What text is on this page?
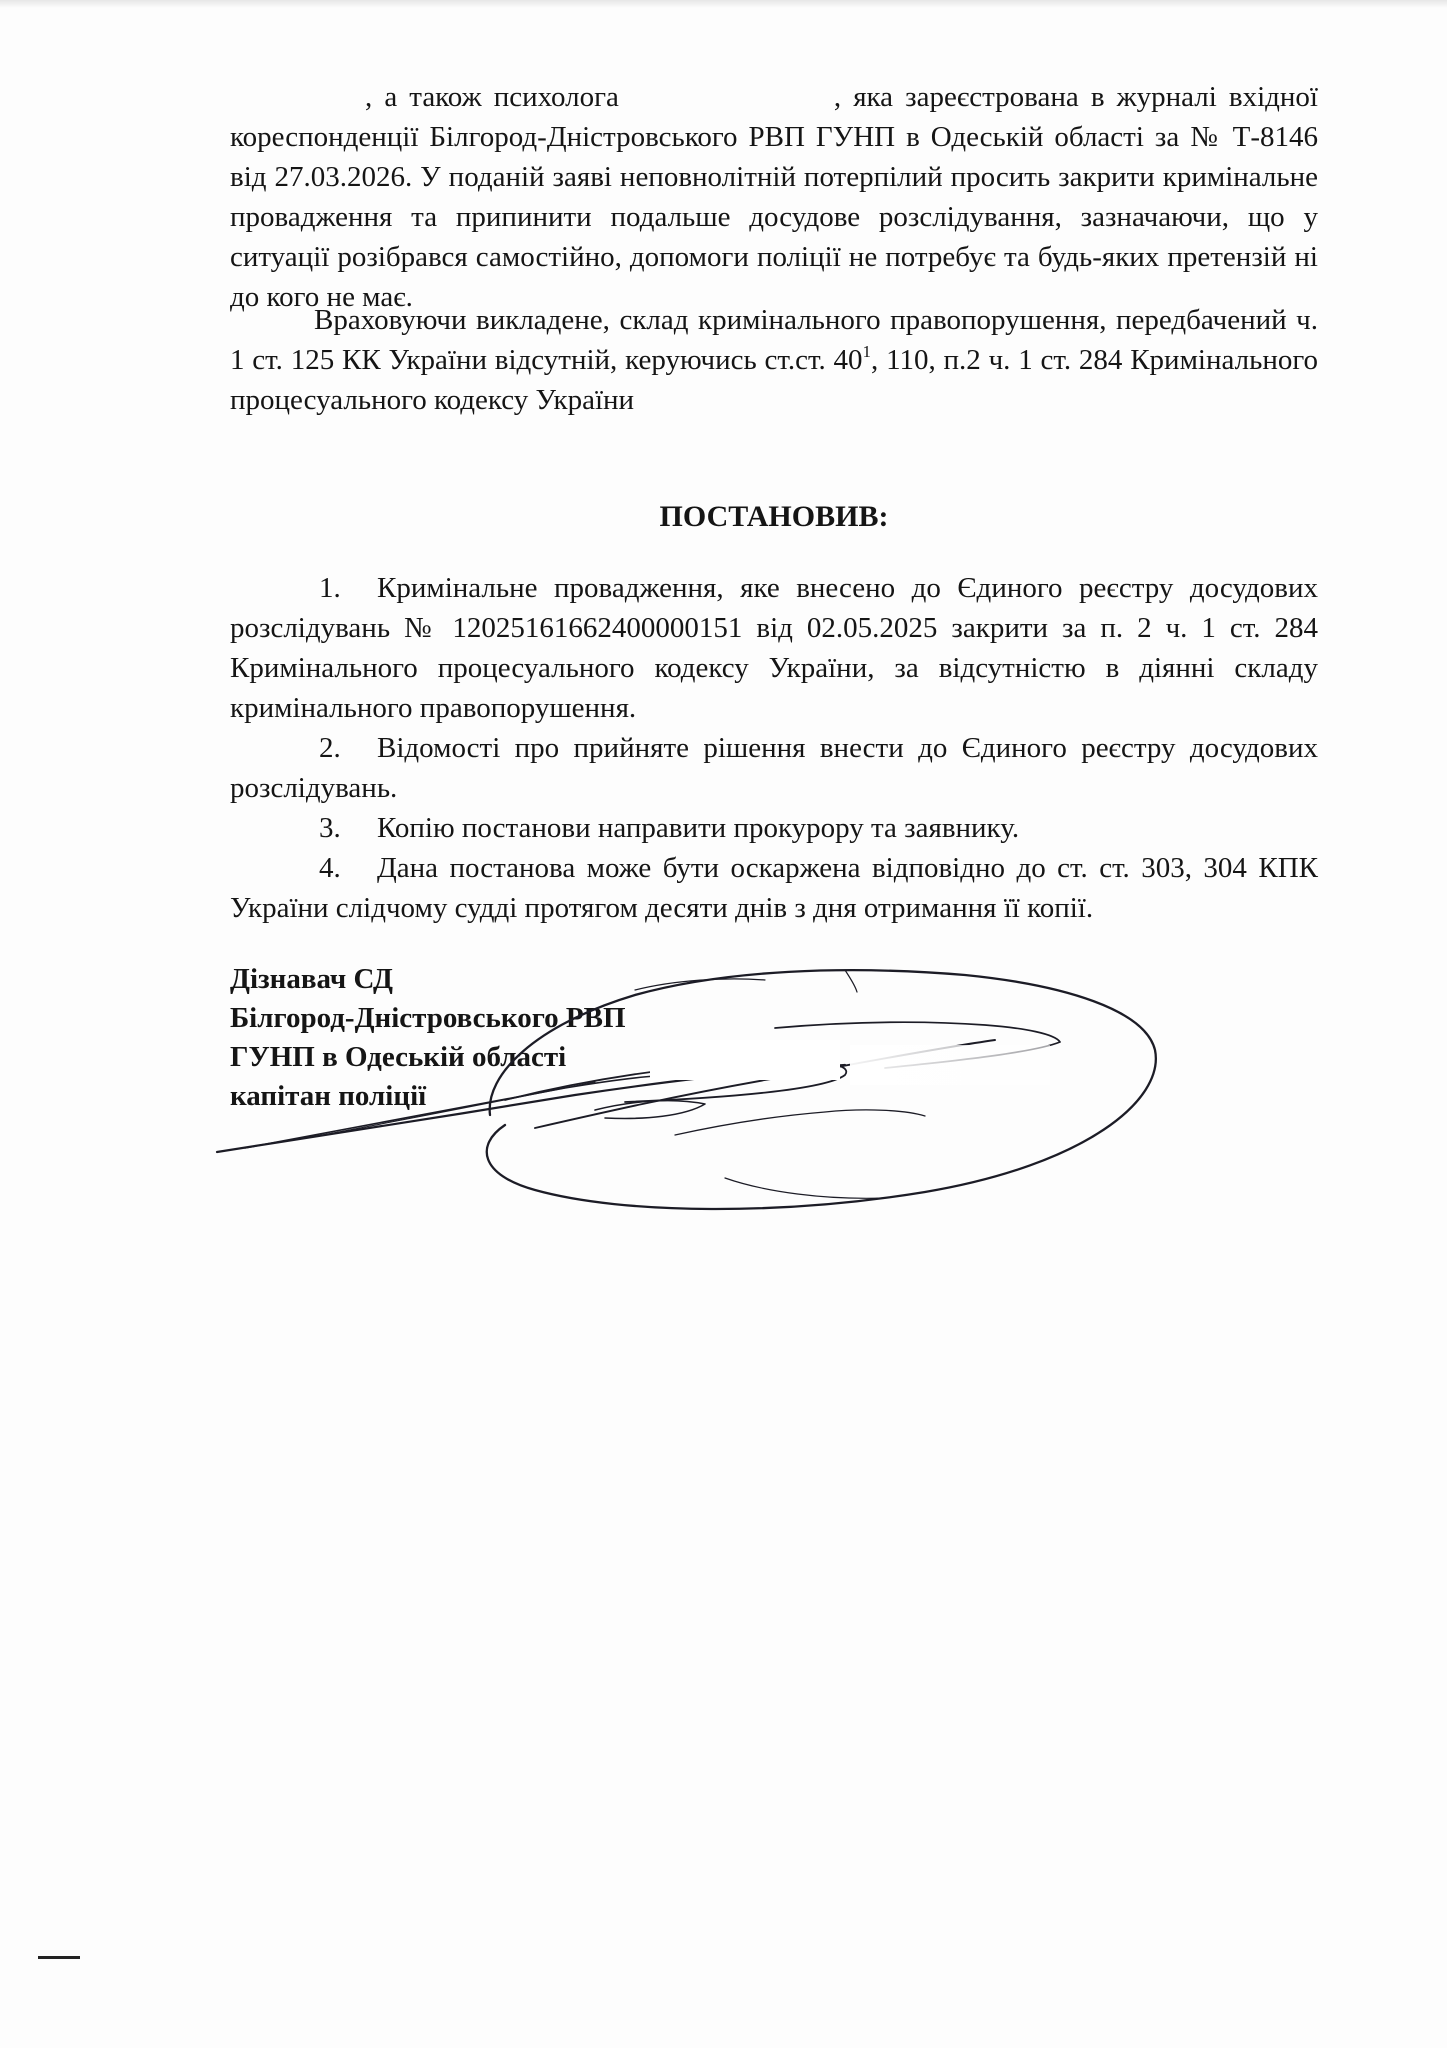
, а також психолога	, яка зареєстрована в журналі вхідної кореспонденції Білгород-Дністровського РВП ГУНП в Одеській області за № Т-8146 від 27.03.2026. У поданій заяві неповнолітній потерпілий просить закрити кримінальне провадження та припинити подальше досудове розслідування, зазначаючи, що у ситуації розібрався самостійно, допомоги поліції не потребує та будь-яких претензій ні до кого не має.
Враховуючи викладене, склад кримінального правопорушення, передбачений ч. 1 ст. 125 КК України відсутній, керуючись ст.ст. $40^1$, 110, п.2 ч. 1 ст. 284 Кримінального процесуального кодексу України
ПОСТАНОВИВ:
1. Кримінальне провадження, яке внесено до Єдиного реєстру досудових розслідувань № 12025161662400000151 від 02.05.2025 закрити за п. 2 ч. 1 ст. 284 Кримінального процесуального кодексу України, за відсутністю в діянні складу кримінального правопорушення.
2. Відомості про прийняте рішення внести до Єдиного реєстру досудових розслідувань.
3. Копію постанови направити прокурору та заявнику.
4. Дана постанова може бути оскаржена відповідно до ст. ст. 303, 304 КПК України слідчому судді протягом десяти днів з дня отримання її копії.
Дізнавач СД
Білгород-Дністровського РВП
ГУНП в Одеській області
капітан поліції
